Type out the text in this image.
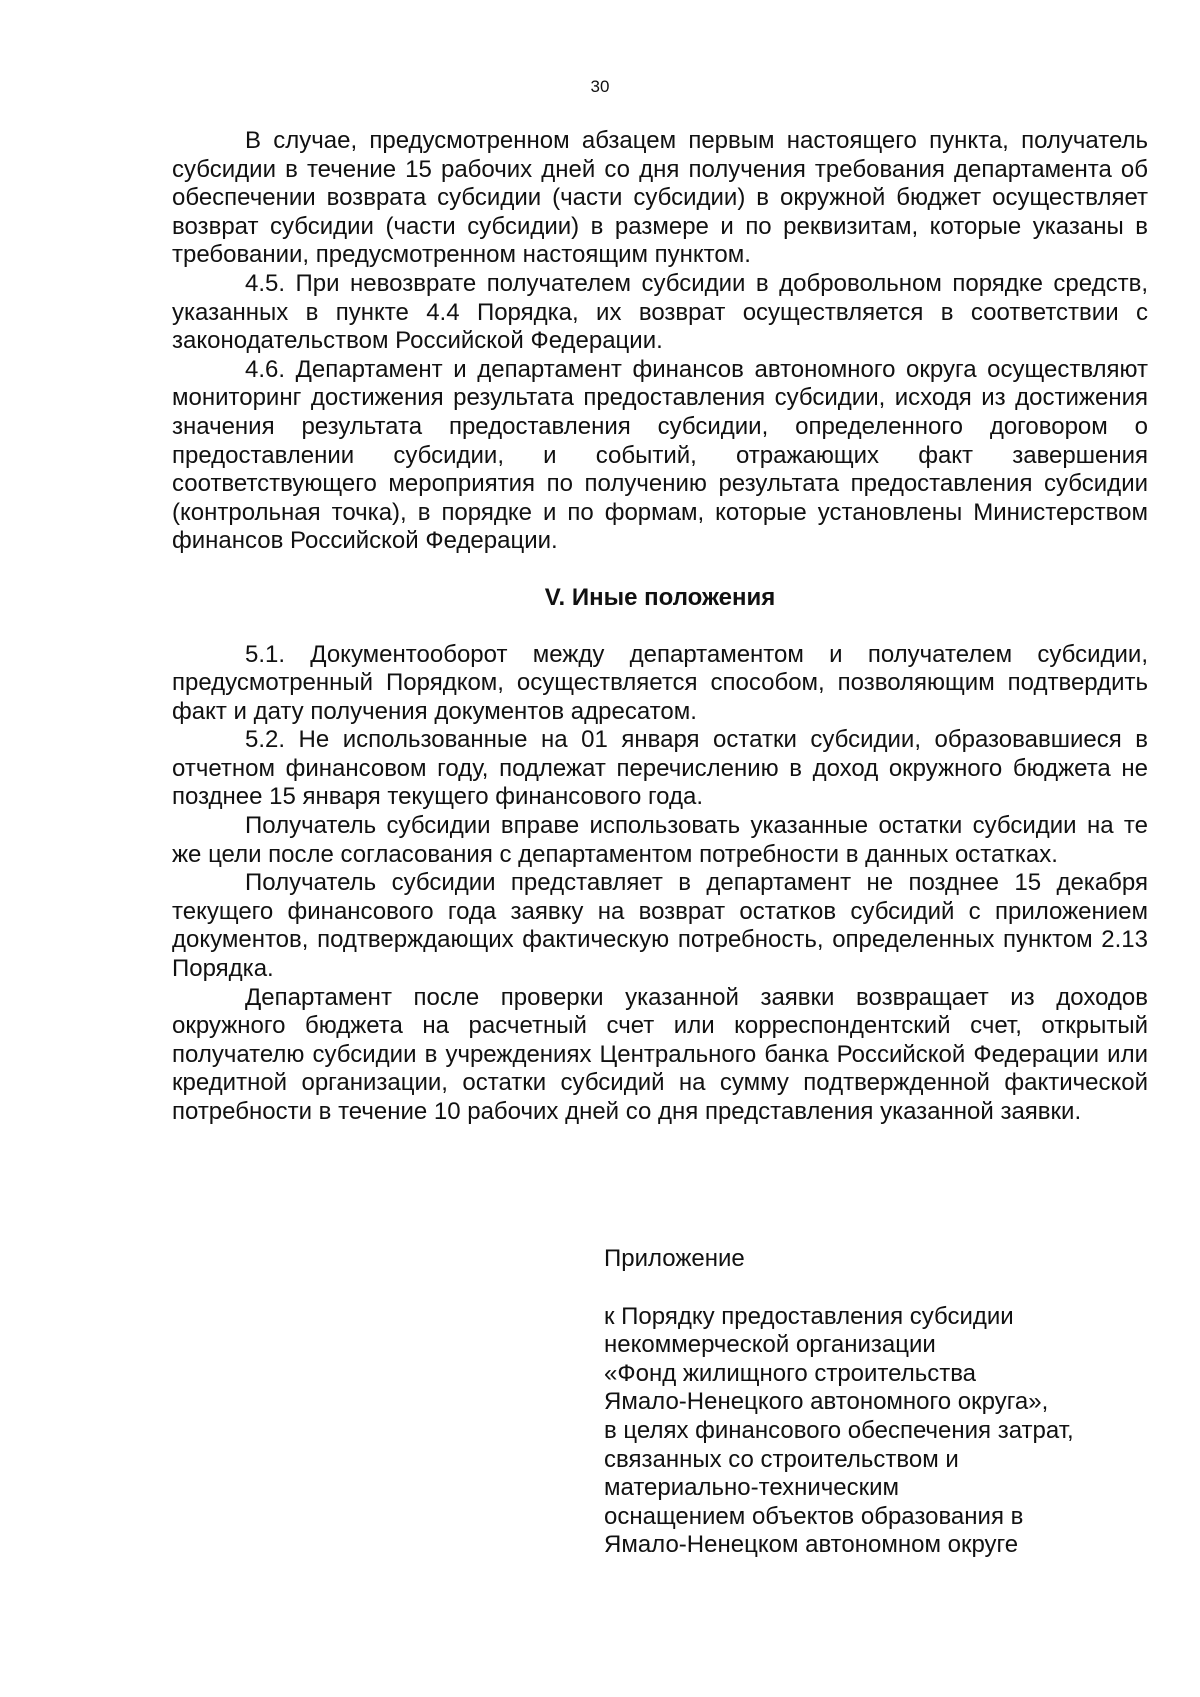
30

В случае, предусмотренном абзацем первым настоящего пункта, получатель субсидии в течение 15 рабочих дней со дня получения требования департамента об обеспечении возврата субсидии (части субсидии) в окружной бюджет осуществляет возврат субсидии (части субсидии) в размере и по реквизитам, которые указаны в требовании, предусмотренном настоящим пунктом.

4.5. При невозврате получателем субсидии в добровольном порядке средств, указанных в пункте 4.4 Порядка, их возврат осуществляется в соответствии с законодательством Российской Федерации.

4.6. Департамент и департамент финансов автономного округа осуществляют мониторинг достижения результата предоставления субсидии, исходя из достижения значения результата предоставления субсидии, определенного договором о предоставлении субсидии, и событий, отражающих факт завершения соответствующего мероприятия по получению результата предоставления субсидии (контрольная точка), в порядке и по формам, которые установлены Министерством финансов Российской Федерации.

V. Иные положения

5.1. Документооборот между департаментом и получателем субсидии, предусмотренный Порядком, осуществляется способом, позволяющим подтвердить факт и дату получения документов адресатом.

5.2. Не использованные на 01 января остатки субсидии, образовавшиеся в отчетном финансовом году, подлежат перечислению в доход окружного бюджета не позднее 15 января текущего финансового года.

Получатель субсидии вправе использовать указанные остатки субсидии на те же цели после согласования с департаментом потребности в данных остатках.

Получатель субсидии представляет в департамент не позднее 15 декабря текущего финансового года заявку на возврат остатков субсидий с приложением документов, подтверждающих фактическую потребность, определенных пунктом 2.13 Порядка.

Департамент после проверки указанной заявки возвращает из доходов окружного бюджета на расчетный счет или корреспондентский счет, открытый получателю субсидии в учреждениях Центрального банка Российской Федерации или кредитной организации, остатки субсидий на сумму подтвержденной фактической потребности в течение 10 рабочих дней со дня представления указанной заявки.

Приложение
к Порядку предоставления субсидии
некоммерческой организации
«Фонд жилищного строительства
Ямало-Ненецкого автономного округа»,
в целях финансового обеспечения затрат,
связанных со строительством и
материально-техническим
оснащением объектов образования в
Ямало-Ненецком автономном округе
